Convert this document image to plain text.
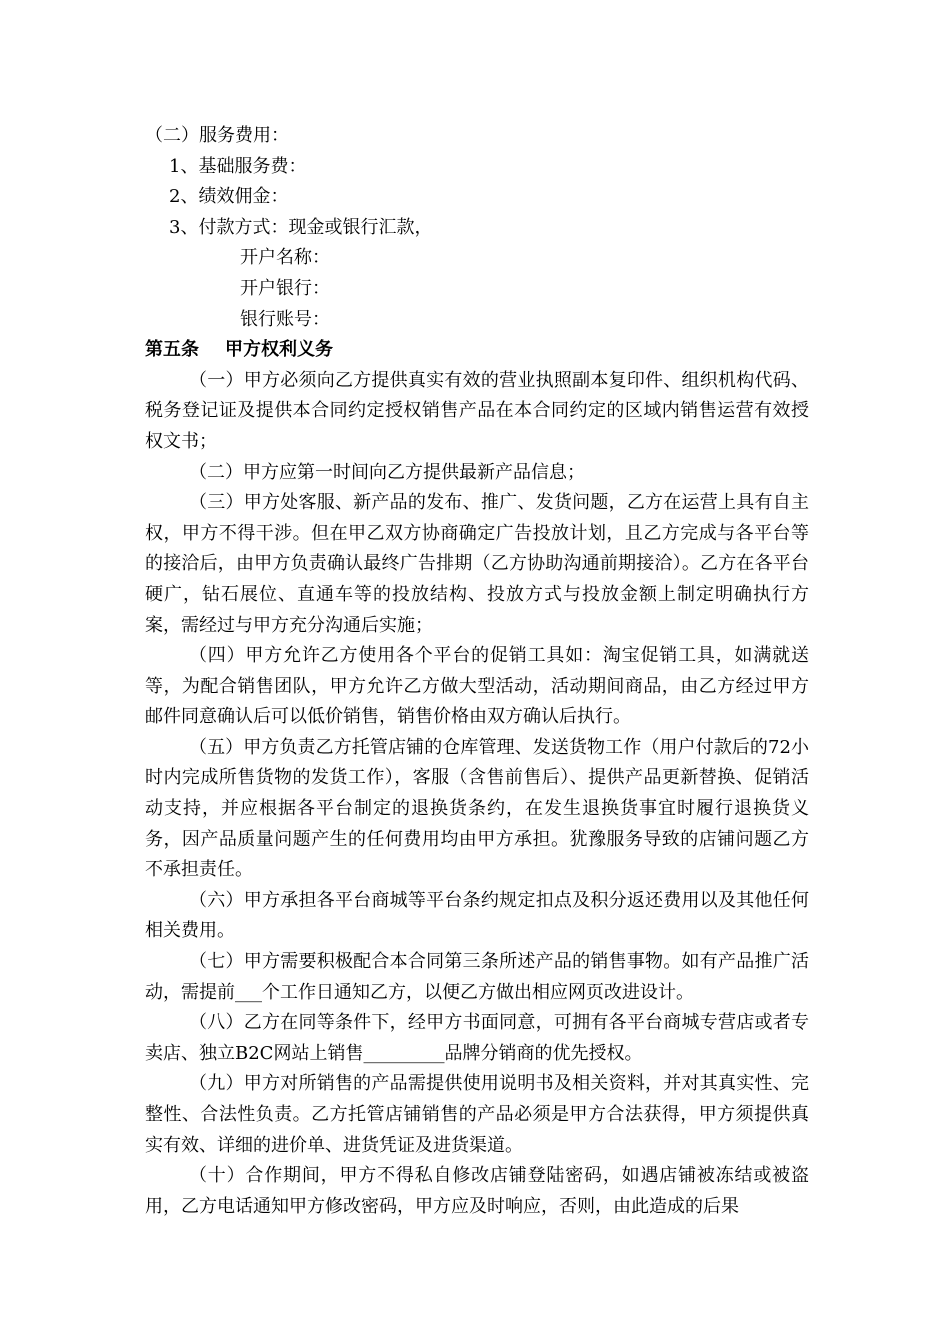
（二）服务费用：
1、基础服务费：
2、绩效佣金：
3、付款方式：现金或银行汇款，
开户名称：
开户银行：
银行账号：
第五条 甲方权利义务

（一）甲方必须向乙方提供真实有效的营业执照副本复印件、组织机构代码、税务登记证及提供本合同约定授权销售产品在本合同约定的区域内销售运营有效授权文书；

（二）甲方应第一时间向乙方提供最新产品信息；

（三）甲方处客服、新产品的发布、推广、发货问题，乙方在运营上具有自主权，甲方不得干涉。但在甲乙双方协商确定广告投放计划，且乙方完成与各平台等的接洽后，由甲方负责确认最终广告排期（乙方协助沟通前期接洽）。乙方在各平台硬广，钻石展位、直通车等的投放结构、投放方式与投放金额上制定明确执行方案，需经过与甲方充分沟通后实施；

（四）甲方允许乙方使用各个平台的促销工具如：淘宝促销工具，如满就送等，为配合销售团队，甲方允许乙方做大型活动，活动期间商品，由乙方经过甲方邮件同意确认后可以低价销售，销售价格由双方确认后执行。

（五）甲方负责乙方托管店铺的仓库管理、发送货物工作（用户付款后的72小时内完成所售货物的发货工作），客服（含售前售后）、提供产品更新替换、促销活动支持，并应根据各平台制定的退换货条约，在发生退换货事宜时履行退换货义务，因产品质量问题产生的任何费用均由甲方承担。犹豫服务导致的店铺问题乙方不承担责任。

（六）甲方承担各平台商城等平台条约规定扣点及积分返还费用以及其他任何相关费用。

（七）甲方需要积极配合本合同第三条所述产品的销售事物。如有产品推广活动，需提前___个工作日通知乙方，以便乙方做出相应网页改进设计。

（八）乙方在同等条件下，经甲方书面同意，可拥有各平台商城专营店或者专卖店、独立B2C网站上销售_________品牌分销商的优先授权。

（九）甲方对所销售的产品需提供使用说明书及相关资料，并对其真实性、完整性、合法性负责。乙方托管店铺销售的产品必须是甲方合法获得，甲方须提供真实有效、详细的进价单、进货凭证及进货渠道。

（十）合作期间，甲方不得私自修改店铺登陆密码，如遇店铺被冻结或被盗用，乙方电话通知甲方修改密码，甲方应及时响应，否则，由此造成的后果
